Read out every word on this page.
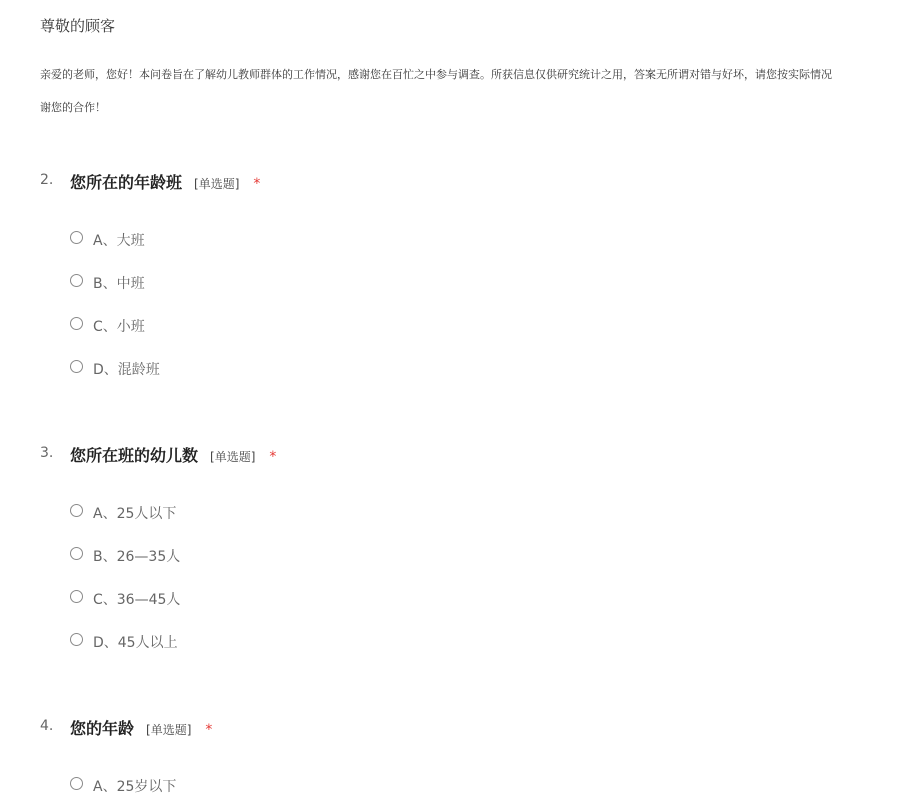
尊敬的顾客
亲爱的老师，您好！本问卷旨在了解幼儿教师群体的工作情况，感谢您在百忙之中参与调查。所获信息仅供研究统计之用，答案无所谓对错与好坏，请您按实际情况
谢您的合作！
2. 您所在的年龄班 [单选题] *
A、大班
B、中班
C、小班
D、混龄班
3. 您所在班的幼儿数 [单选题] *
A、25人以下
B、26—35人
C、36—45人
D、45人以上
4. 您的年龄 [单选题] *
A、25岁以下
